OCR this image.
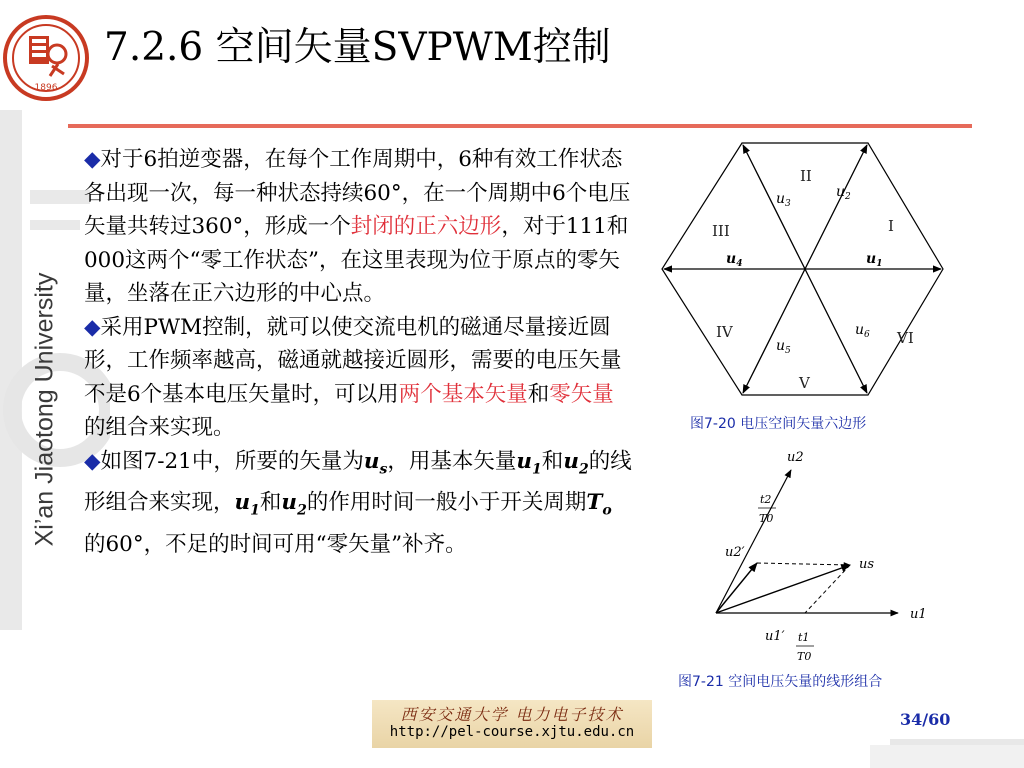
Xi’an Jiaotong University
1896
7.2.6 空间矢量SVPWM控制

◆对于6拍逆变器，在每个工作周期中，6种有效工作状态各出现一次，每一种状态持续60°，在一个周期中6个电压矢量共转过360°，形成一个封闭的正六边形，对于111和000这两个“零工作状态”，在这里表现为位于原点的零矢量，坐落在正六边形的中心点。

◆采用PWM控制，就可以使交流电机的磁通尽量接近圆形，工作频率越高，磁通就越接近圆形，需要的电压矢量不是6个基本电压矢量时，可以用两个基本矢量和零矢量的组合来实现。

◆如图7-21中，所要的矢量为$u_s$，用基本矢量$u_1$和$u_2$的线形组合来实现，$u_1$和$u_2$的作用时间一般小于开关周期$T_o$的60°，不足的时间可用“零矢量”补齐。

I
II
III
IV
V
VI
$u_1$
$u_2$
$u_3$
$u_4$
$u_5$
$u_6$
图7-20 电压空间矢量六边形
u2
u2′
us
u1
u1′
t2
T0
t1
T0
图7-21 空间电压矢量的线形组合
西安交通大学 电力电子技术
http://pel-course.xjtu.edu.cn
34/60
